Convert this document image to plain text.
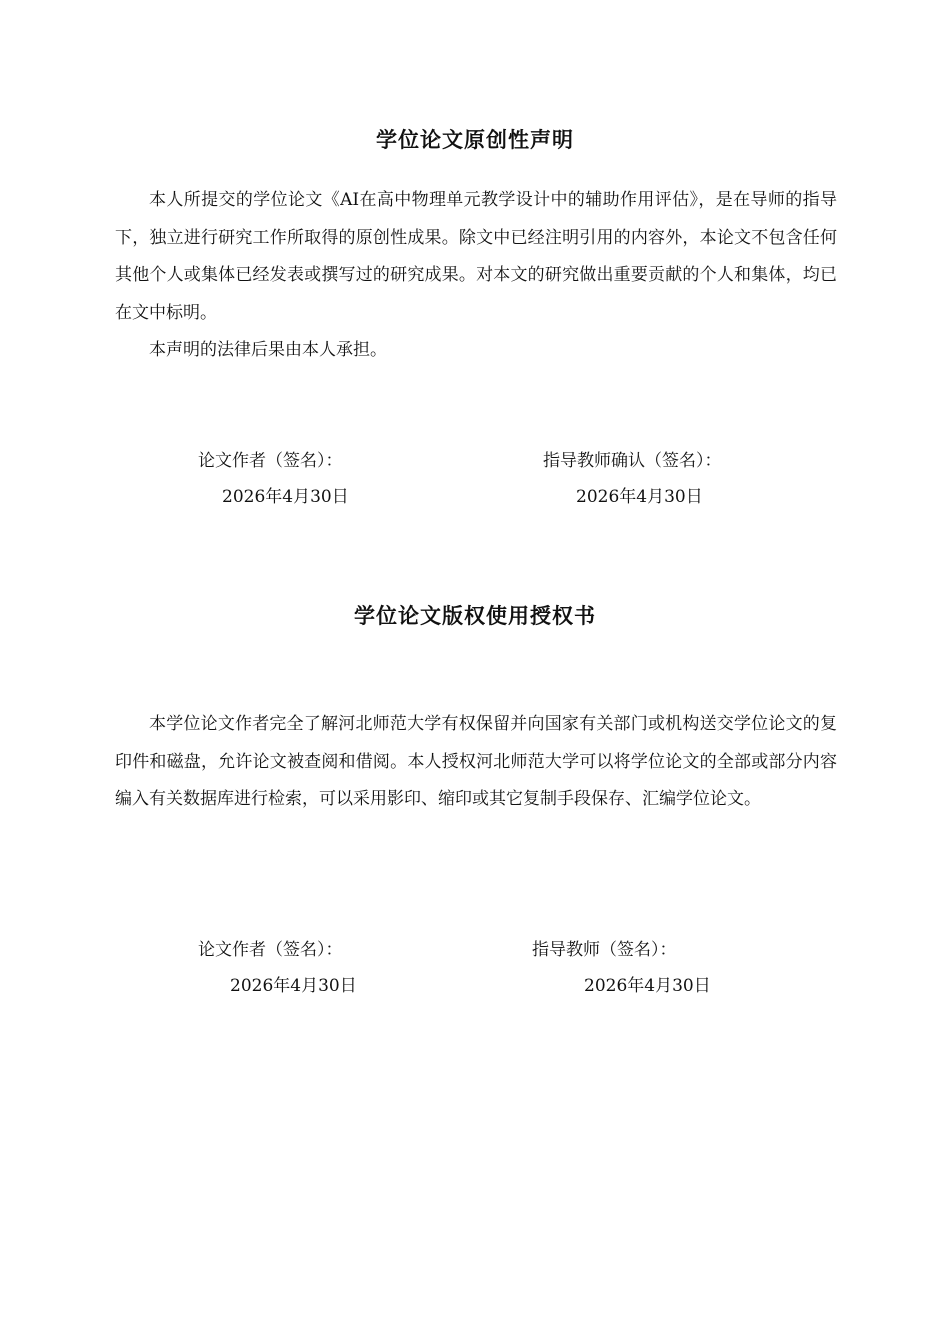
学位论文原创性声明

本人所提交的学位论文《AI在高中物理单元教学设计中的辅助作用评估》，是在导师的指导下，独立进行研究工作所取得的原创性成果。除文中已经注明引用的内容外，本论文不包含任何其他个人或集体已经发表或撰写过的研究成果。对本文的研究做出重要贡献的个人和集体，均已在文中标明。

本声明的法律后果由本人承担。

论文作者（签名）：	指导教师确认（签名）：
2026年4月30日	2026年4月30日
学位论文版权使用授权书

本学位论文作者完全了解河北师范大学有权保留并向国家有关部门或机构送交学位论文的复印件和磁盘，允许论文被查阅和借阅。本人授权河北师范大学可以将学位论文的全部或部分内容编入有关数据库进行检索，可以采用影印、缩印或其它复制手段保存、汇编学位论文。

论文作者（签名）：	指导教师（签名）：
2026年4月30日	2026年4月30日
